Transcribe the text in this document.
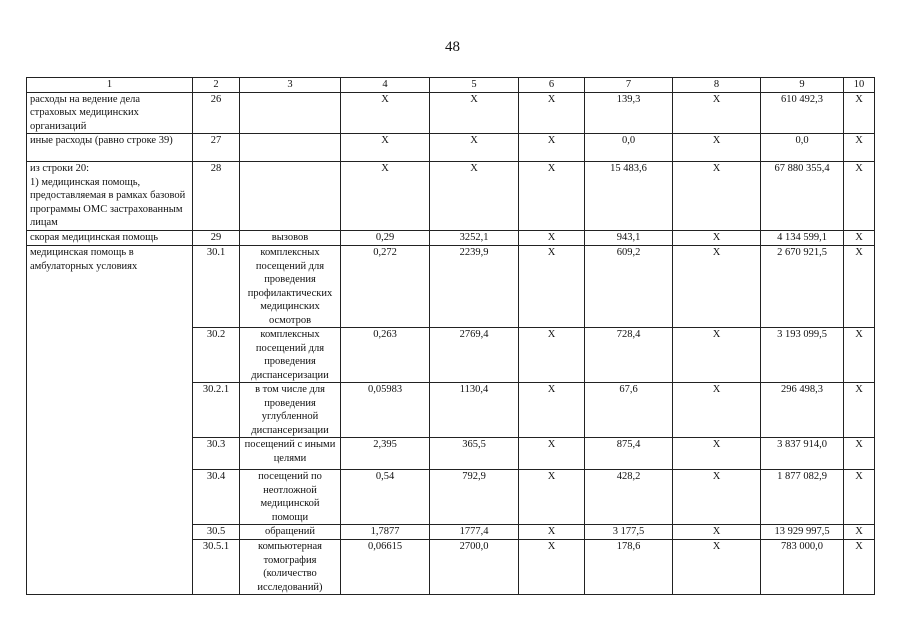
48
1	2	3	4	5	6	7	8	9	10
расходы на ведение дела страховых медицинских организаций	26		X	X	X	139,3	X	610 492,3	X
иные расходы (равно строке 39)	27		X	X	X	0,0	X	0,0	X

из строки 20:
1) медицинская помощь, предоставляемая в рамках базовой программы ОМС застрахованным лицам	28		X	X	X	15 483,6	X	67 880 355,4	X
скорая медицинская помощь	29	вызовов	0,29	3252,1	X	943,1	X	4 134 599,1	X
медицинская помощь в амбулаторных условиях	30.1	комплексных посещений для проведения профилактических медицинских осмотров	0,272	2239,9	X	609,2	X	2 670 921,5	X
	30.2	комплексных посещений для проведения диспансеризации	0,263	2769,4	X	728,4	X	3 193 099,5	X
	30.2.1	в том числе для проведения углубленной диспансеризации	0,05983	1130,4	X	67,6	X	296 498,3	X
	30.3	посещений с иными целями	2,395	365,5	X	875,4	X	3 837 914,0	X
	30.4	посещений по неотложной медицинской помощи	0,54	792,9	X	428,2	X	1 877 082,9	X
	30.5	обращений	1,7877	1777,4	X	3 177,5	X	13 929 997,5	X
	30.5.1	компьютерная томография (количество исследований)	0,06615	2700,0	X	178,6	X	783 000,0	X
